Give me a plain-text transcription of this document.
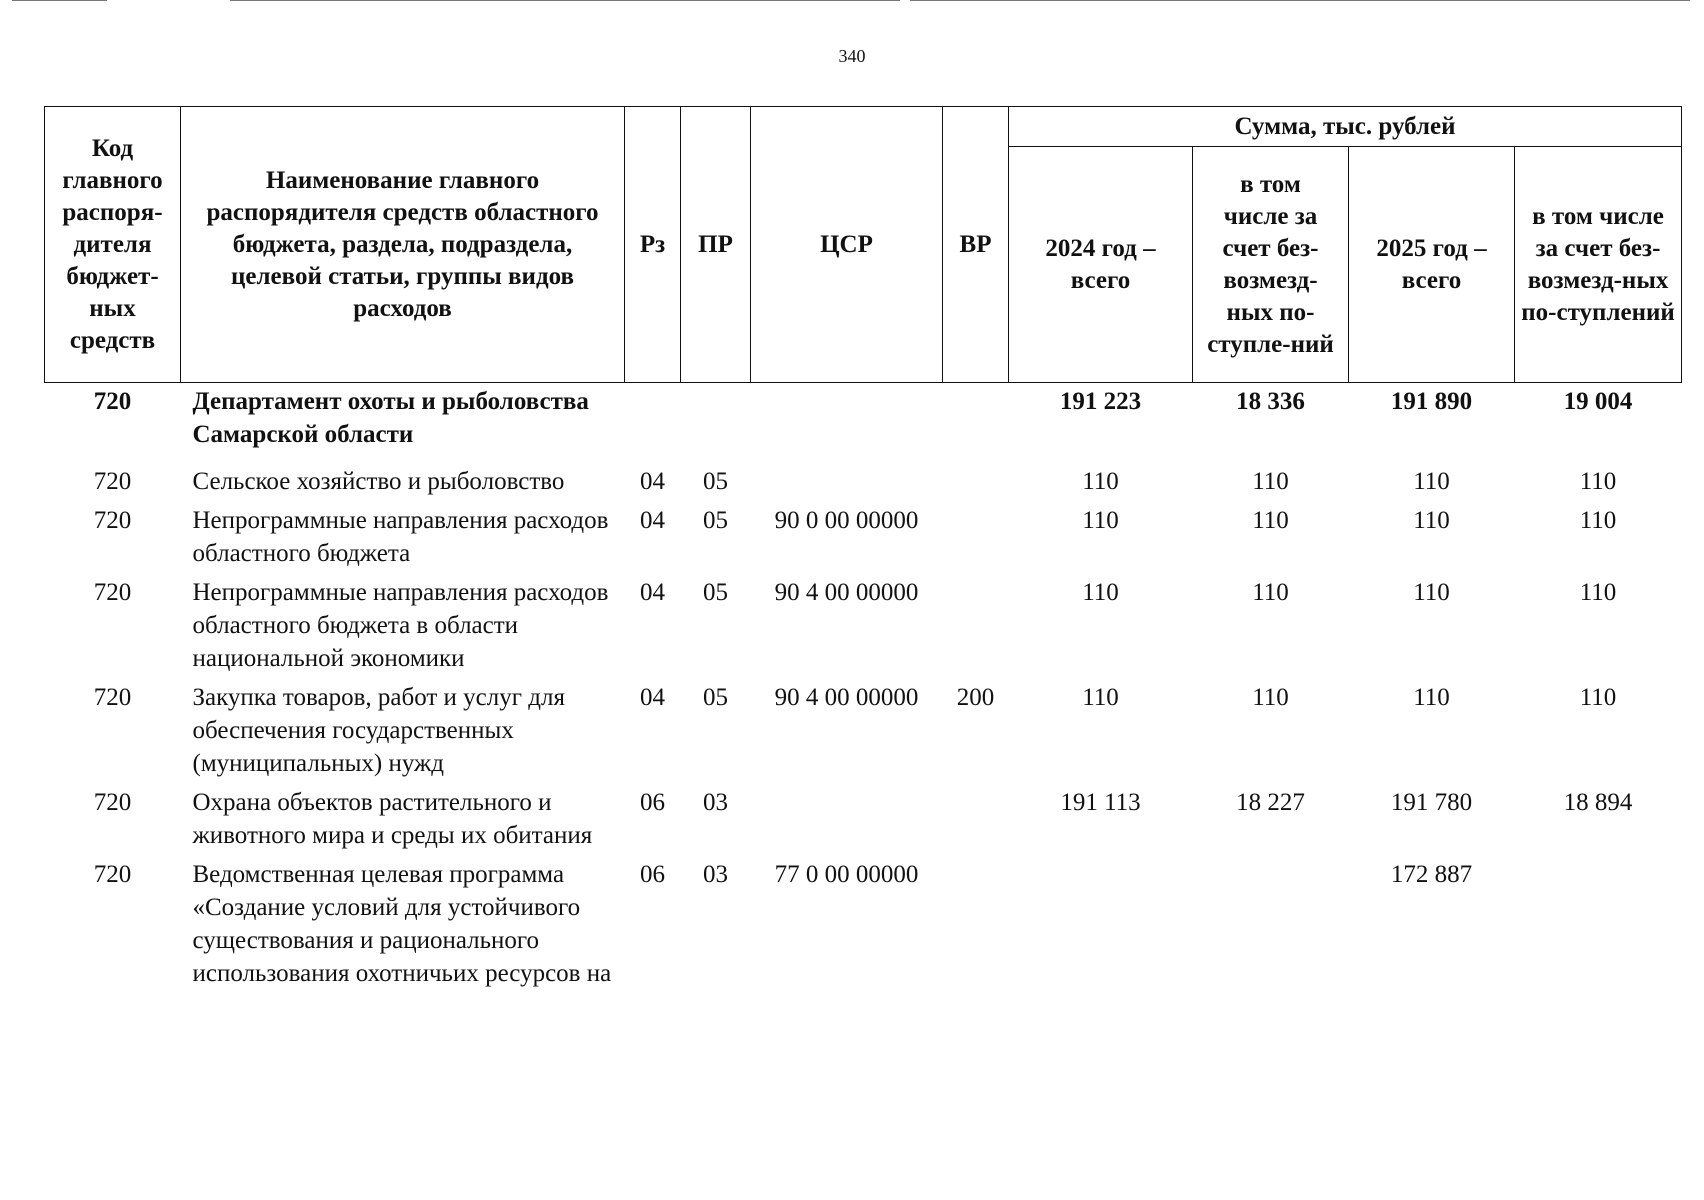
340
Код главного распоря-дителя бюджет-ных средств	Наименование главного распорядителя средств областного бюджета, раздела, подраздела, целевой статьи, группы видов расходов	Рз	ПР	ЦСР	ВР	Сумма, тыс. рублей			
						2024 год – всего	в том числе за счет без-возмезд-ных по-ступле-ний	2025 год – всего	в том числе за счет без-возмезд-ных по-ступлений
720	Департамент охоты и рыболовства Самарской области					191 223	18 336	191 890	19 004
720	Сельское хозяйство и рыболовство	04	05			110	110	110	110
720	Непрограммные направления расходов областного бюджета	04	05	90 0 00 00000		110	110	110	110
720	Непрограммные направления расходов областного бюджета в области национальной экономики	04	05	90 4 00 00000		110	110	110	110
720	Закупка товаров, работ и услуг для обеспечения государственных (муниципальных) нужд	04	05	90 4 00 00000	200	110	110	110	110
720	Охрана объектов растительного и животного мира и среды их обитания	06	03			191 113	18 227	191 780	18 894
720	Ведомственная целевая программа «Создание условий для устойчивого существования и рационального использования охотничьих ресурсов на	06	03	77 0 00 00000				172 887	
